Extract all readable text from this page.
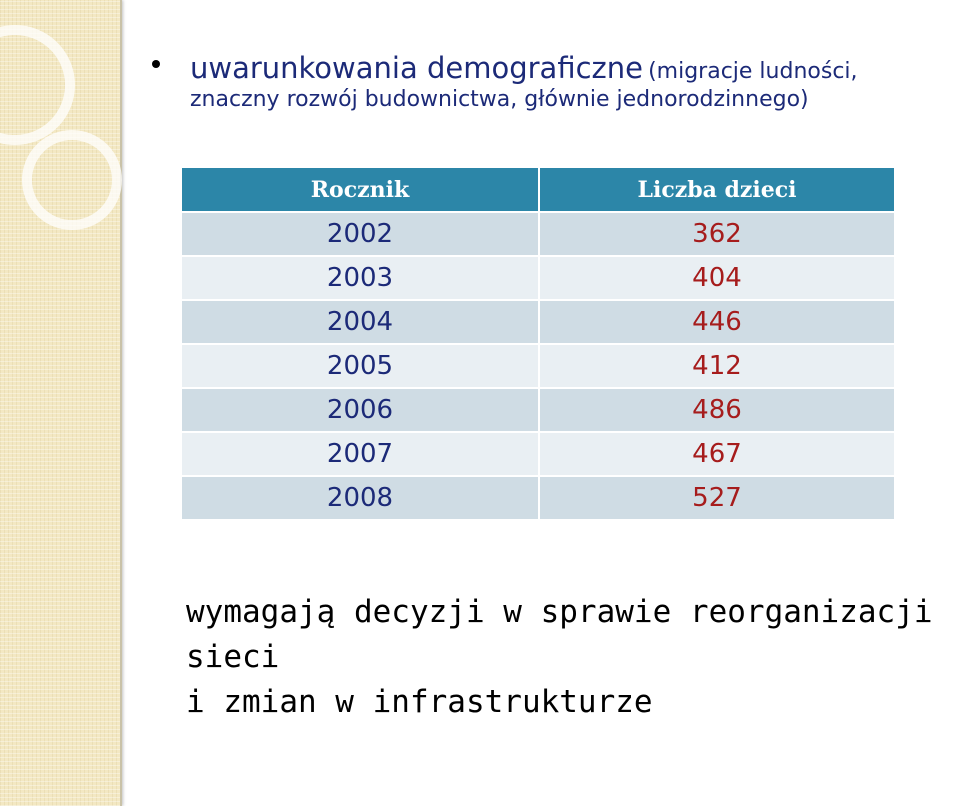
uwarunkowania demograficzne (migracje ludności,
znaczny rozwój budownictwa, głównie jednorodzinnego)
Rocznik	Liczba dzieci
2002	362
2003	404
2004	446
2005	412
2006	486
2007	467
2008	527
wymagają decyzji w sprawie reorganizacji sieci
i zmian w infrastrukturze
